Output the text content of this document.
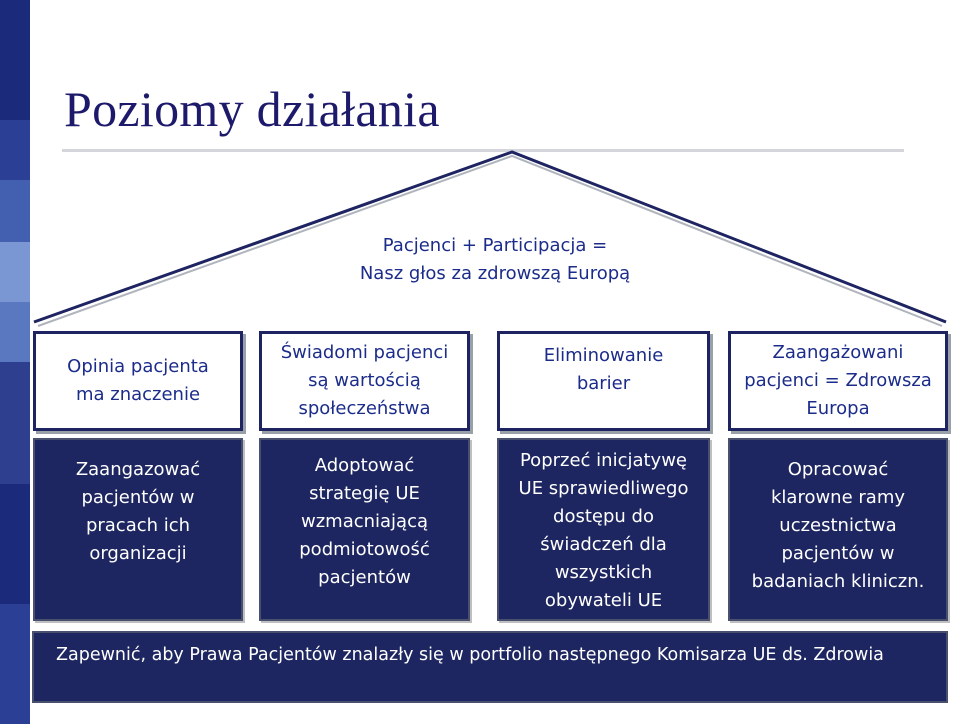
Poziomy działania
Pacjenci + Participacja =
Nasz głos za zdrowszą Europą
Opinia pacjenta
ma znaczenie
Zaangazować
pacjentów w
pracach ich
organizacji
Świadomi pacjenci
są wartością
społeczeństwa
Adoptować
strategię UE
wzmacniającą
podmiotowość
pacjentów
Eliminowanie
barier
Poprzeć inicjatywę
UE sprawiedliwego
dostępu do
świadczeń dla
wszystkich
obywateli UE
Zaangażowani
pacjenci = Zdrowsza
Europa
Opracować
klarowne ramy
uczestnictwa
pacjentów w
badaniach kliniczn.
Zapewnić, aby Prawa Pacjentów znalazły się w portfolio następnego Komisarza UE ds. Zdrowia
